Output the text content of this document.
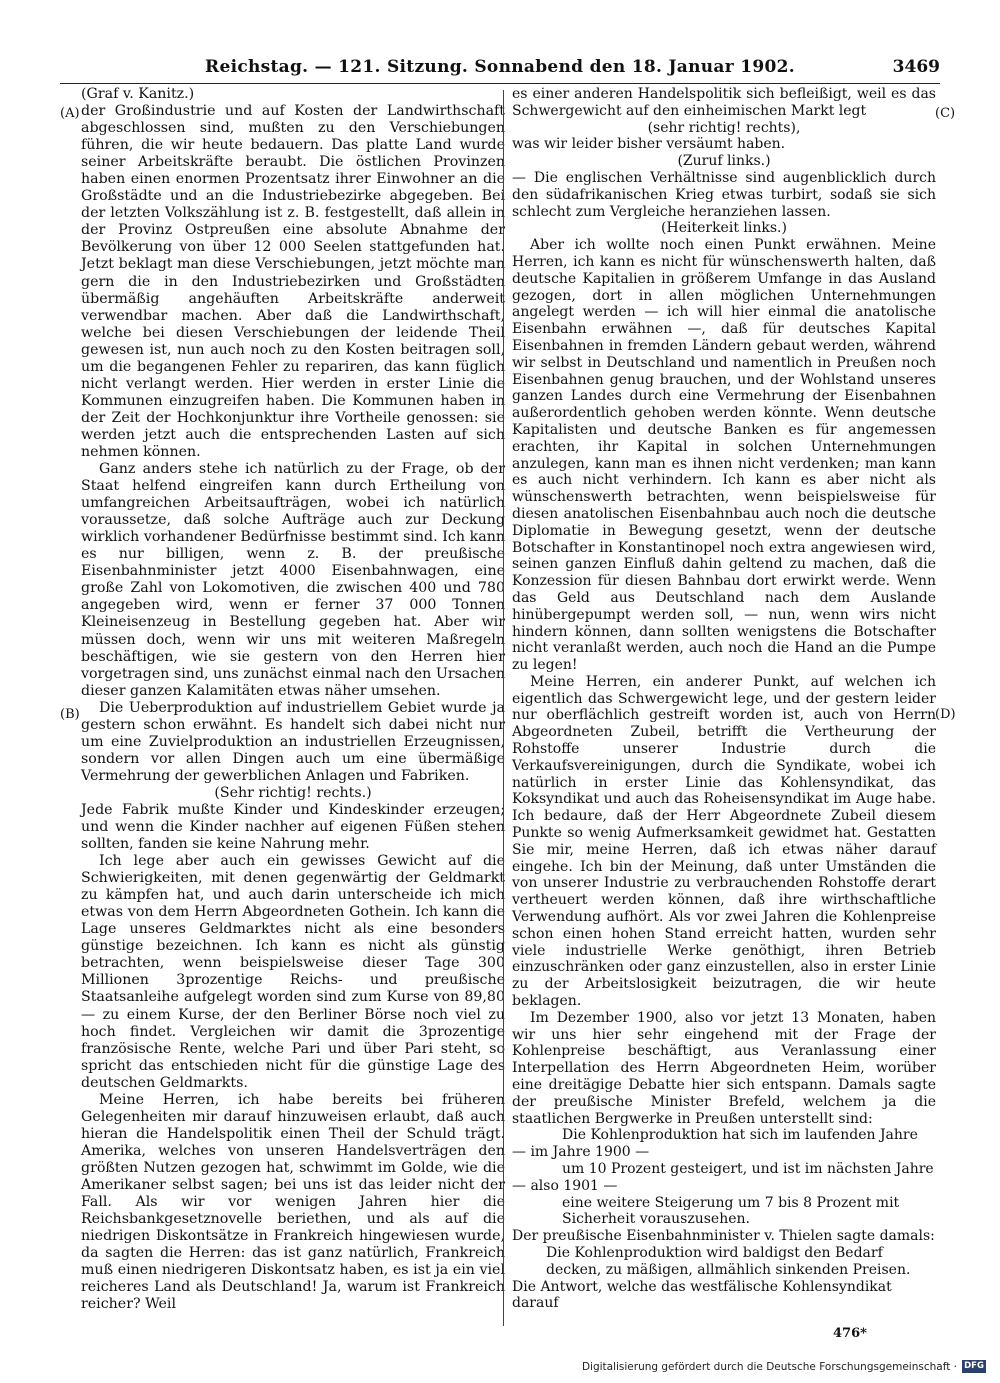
Reichstag. — 121. Sitzung. Sonnabend den 18. Januar 1902.	3469
(A)
(B)
(C)
(D)

(Graf v. Kanitz.)

der Großindustrie und auf Kosten der Landwirthschaft abgeschlossen sind, mußten zu den Verschiebungen führen, die wir heute bedauern. Das platte Land wurde seiner Arbeitskräfte beraubt. Die östlichen Provinzen haben einen enormen Prozentsatz ihrer Einwohner an die Großstädte und an die Industriebezirke abgegeben. Bei der letzten Volkszählung ist z. B. festgestellt, daß allein in der Provinz Ostpreußen eine absolute Abnahme der Bevölkerung von über 12 000 Seelen stattgefunden hat. Jetzt beklagt man diese Verschiebungen, jetzt möchte man gern die in den Industriebezirken und Großstädten übermäßig angehäuften Arbeitskräfte anderweit verwendbar machen. Aber daß die Landwirthschaft, welche bei diesen Verschiebungen der leidende Theil gewesen ist, nun auch noch zu den Kosten beitragen soll, um die begangenen Fehler zu repariren, das kann füglich nicht verlangt werden. Hier werden in erster Linie die Kommunen einzugreifen haben. Die Kommunen haben in der Zeit der Hochkonjunktur ihre Vortheile genossen: sie werden jetzt auch die entsprechenden Lasten auf sich nehmen können.

Ganz anders stehe ich natürlich zu der Frage, ob der Staat helfend eingreifen kann durch Ertheilung von umfangreichen Arbeitsaufträgen, wobei ich natürlich voraussetze, daß solche Aufträge auch zur Deckung wirklich vorhandener Bedürfnisse bestimmt sind. Ich kann es nur billigen, wenn z. B. der preußische Eisenbahnminister jetzt 4000 Eisenbahnwagen, eine große Zahl von Lokomotiven, die zwischen 400 und 780 angegeben wird, wenn er ferner 37 000 Tonnen Kleineisenzeug in Bestellung gegeben hat. Aber wir müssen doch, wenn wir uns mit weiteren Maßregeln beschäftigen, wie sie gestern von den Herren hier vorgetragen sind, uns zunächst einmal nach den Ursachen dieser ganzen Kalamitäten etwas näher umsehen.

Die Ueberproduktion auf industriellem Gebiet wurde ja gestern schon erwähnt. Es handelt sich dabei nicht nur um eine Zuvielproduktion an industriellen Erzeugnissen, sondern vor allen Dingen auch um eine übermäßige Vermehrung der gewerblichen Anlagen und Fabriken.

(Sehr richtig! rechts.)

Jede Fabrik mußte Kinder und Kindeskinder erzeugen; und wenn die Kinder nachher auf eigenen Füßen stehen sollten, fanden sie keine Nahrung mehr.

Ich lege aber auch ein gewisses Gewicht auf die Schwierigkeiten, mit denen gegenwärtig der Geldmarkt zu kämpfen hat, und auch darin unterscheide ich mich etwas von dem Herrn Abgeordneten Gothein. Ich kann die Lage unseres Geldmarktes nicht als eine besonders günstige bezeichnen. Ich kann es nicht als günstig betrachten, wenn beispielsweise dieser Tage 300 Millionen 3prozentige Reichs- und preußische Staatsanleihe aufgelegt worden sind zum Kurse von 89,80 — zu einem Kurse, der den Berliner Börse noch viel zu hoch findet. Vergleichen wir damit die 3prozentige französische Rente, welche Pari und über Pari steht, so spricht das entschieden nicht für die günstige Lage des deutschen Geldmarkts.

Meine Herren, ich habe bereits bei früheren Gelegenheiten mir darauf hinzuweisen erlaubt, daß auch hieran die Handelspolitik einen Theil der Schuld trägt. Amerika, welches von unseren Handelsverträgen den größten Nutzen gezogen hat, schwimmt im Golde, wie die Amerikaner selbst sagen; bei uns ist das leider nicht der Fall. Als wir vor wenigen Jahren hier die Reichsbankgesetznovelle beriethen, und als auf die niedrigen Diskontsätze in Frankreich hingewiesen wurde, da sagten die Herren: das ist ganz natürlich, Frankreich muß einen niedrigeren Diskontsatz haben, es ist ja ein viel reicheres Land als Deutschland! Ja, warum ist Frankreich reicher? Weil

es einer anderen Handelspolitik sich befleißigt, weil es das Schwergewicht auf den einheimischen Markt legt

(sehr richtig! rechts),

was wir leider bisher versäumt haben.

(Zuruf links.)

— Die englischen Verhältnisse sind augenblicklich durch den südafrikanischen Krieg etwas turbirt, sodaß sie sich schlecht zum Vergleiche heranziehen lassen.

(Heiterkeit links.)

Aber ich wollte noch einen Punkt erwähnen. Meine Herren, ich kann es nicht für wünschenswerth halten, daß deutsche Kapitalien in größerem Umfange in das Ausland gezogen, dort in allen möglichen Unternehmungen angelegt werden — ich will hier einmal die anatolische Eisenbahn erwähnen —, daß für deutsches Kapital Eisenbahnen in fremden Ländern gebaut werden, während wir selbst in Deutschland und namentlich in Preußen noch Eisenbahnen genug brauchen, und der Wohlstand unseres ganzen Landes durch eine Vermehrung der Eisenbahnen außerordentlich gehoben werden könnte. Wenn deutsche Kapitalisten und deutsche Banken es für angemessen erachten, ihr Kapital in solchen Unternehmungen anzulegen, kann man es ihnen nicht verdenken; man kann es auch nicht verhindern. Ich kann es aber nicht als wünschenswerth betrachten, wenn beispielsweise für diesen anatolischen Eisenbahnbau auch noch die deutsche Diplomatie in Bewegung gesetzt, wenn der deutsche Botschafter in Konstantinopel noch extra angewiesen wird, seinen ganzen Einfluß dahin geltend zu machen, daß die Konzession für diesen Bahnbau dort erwirkt werde. Wenn das Geld aus Deutschland nach dem Auslande hinübergepumpt werden soll, — nun, wenn wirs nicht hindern können, dann sollten wenigstens die Botschafter nicht veranlaßt werden, auch noch die Hand an die Pumpe zu legen!

Meine Herren, ein anderer Punkt, auf welchen ich eigentlich das Schwergewicht lege, und der gestern leider nur oberflächlich gestreift worden ist, auch von Herrn Abgeordneten Zubeil, betrifft die Vertheurung der Rohstoffe unserer Industrie durch die Verkaufsvereinigungen, durch die Syndikate, wobei ich natürlich in erster Linie das Kohlensyndikat, das Koksyndikat und auch das Roheisensyndikat im Auge habe. Ich bedaure, daß der Herr Abgeordnete Zubeil diesem Punkte so wenig Aufmerksamkeit gewidmet hat. Gestatten Sie mir, meine Herren, daß ich etwas näher darauf eingehe. Ich bin der Meinung, daß unter Umständen die von unserer Industrie zu verbrauchenden Rohstoffe derart vertheuert werden können, daß ihre wirthschaftliche Verwendung aufhört. Als vor zwei Jahren die Kohlenpreise schon einen hohen Stand erreicht hatten, wurden sehr viele industrielle Werke genöthigt, ihren Betrieb einzuschränken oder ganz einzustellen, also in erster Linie zu der Arbeitslosigkeit beizutragen, die wir heute beklagen.

Im Dezember 1900, also vor jetzt 13 Monaten, haben wir uns hier sehr eingehend mit der Frage der Kohlenpreise beschäftigt, aus Veranlassung einer Interpellation des Herrn Abgeordneten Heim, worüber eine dreitägige Debatte hier sich entspann. Damals sagte der preußische Minister Brefeld, welchem ja die staatlichen Bergwerke in Preußen unterstellt sind:

Die Kohlenproduktion hat sich im laufenden Jahre

— im Jahre 1900 —

um 10 Prozent gesteigert, und ist im nächsten Jahre

— also 1901 —

eine weitere Steigerung um 7 bis 8 Prozent mit Sicherheit vorauszusehen.

Der preußische Eisenbahnminister v. Thielen sagte damals:

Die Kohlenproduktion wird baldigst den Bedarf decken, zu mäßigen, allmählich sinkenden Preisen.

Die Antwort, welche das westfälische Kohlensyndikat darauf

476*
Digitalisierung gefördert durch die Deutsche Forschungsgemeinschaft · DFG
